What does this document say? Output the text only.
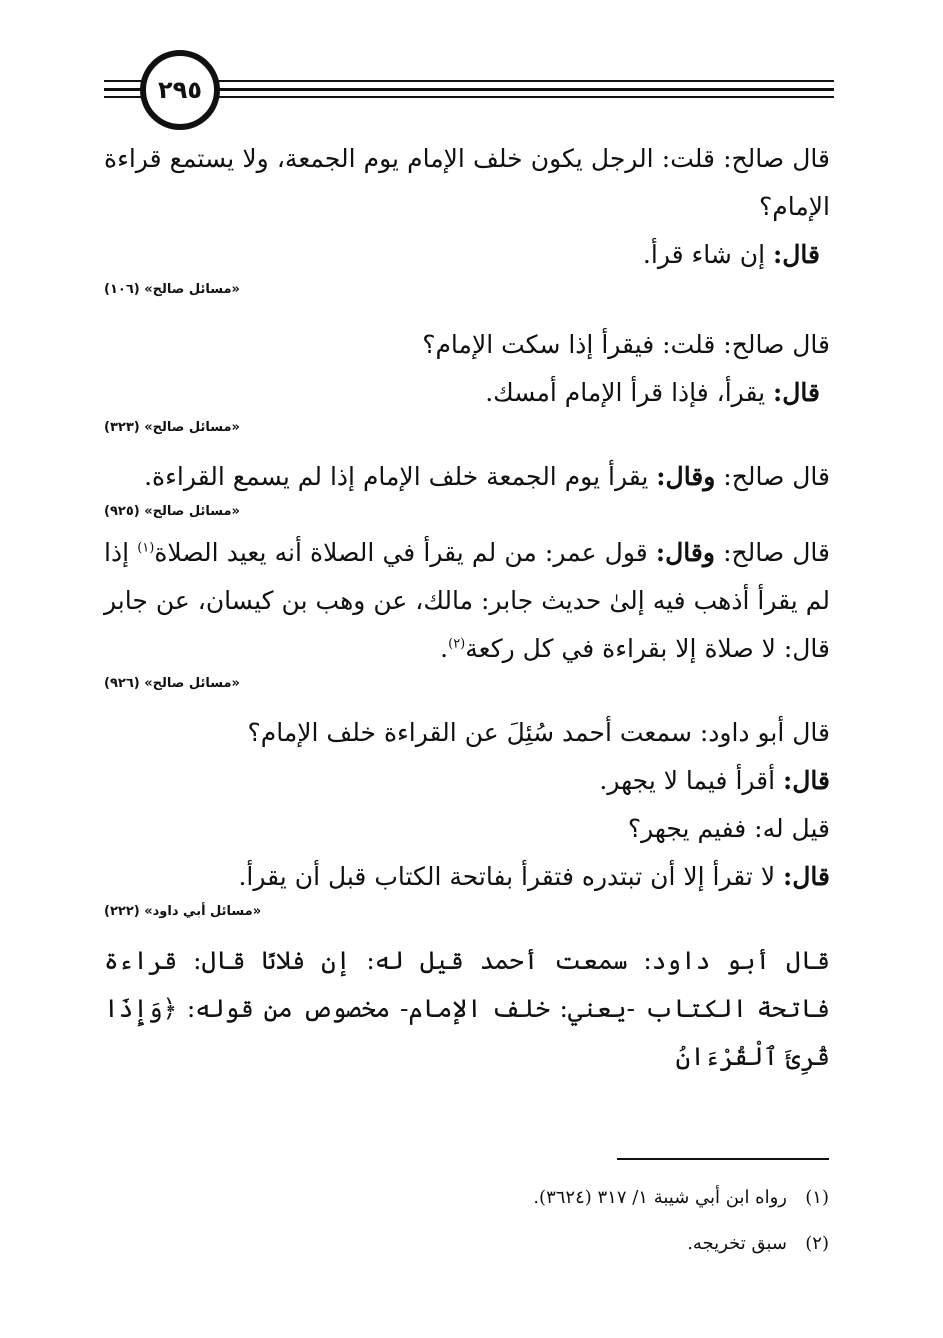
٢٩٥

قال صالح: قلت: الرجل يكون خلف الإمام يوم الجمعة، ولا يستمع قراءة الإمام؟

قال: إن شاء قرأ.

«مسائل صالح» (١٠٦)

قال صالح: قلت: فيقرأ إذا سكت الإمام؟

قال: يقرأ، فإذا قرأ الإمام أمسك.

«مسائل صالح» (٣٢٣)

قال صالح: وقال: يقرأ يوم الجمعة خلف الإمام إذا لم يسمع القراءة.

«مسائل صالح» (٩٢٥)

قال صالح: وقال: قول عمر: من لم يقرأ في الصلاة أنه يعيد الصلاة$^{(١)}$ إذا لم يقرأ أذهب فيه إلىٰ حديث جابر: مالك، عن وهب بن كيسان، عن جابر قال: لا صلاة إلا بقراءة في كل ركعة$^{(٢)}$.

«مسائل صالح» (٩٢٦)

قال أبو داود: سمعت أحمد سُئِلَ عن القراءة خلف الإمام؟

قال: أقرأ فيما لا يجهر.

قيل له: ففيم يجهر؟

قال: لا تقرأ إلا أن تبتدره فتقرأ بفاتحة الكتاب قبل أن يقرأ.

«مسائل أبي داود» (٢٢٢)

قال أبو داود: سمعت أحمد قيل له: إن فلانًا قال: قراءة فاتحة الكتاب -يعني: خلف الإمام- مخصوص من قوله: ﴿وَإِذَا قُرِئَ ٱلْقُرْءَانُ

(١)رواه ابن أبي شيبة ١/ ٣١٧ (٣٦٢٤).

(٢)سبق تخريجه.
